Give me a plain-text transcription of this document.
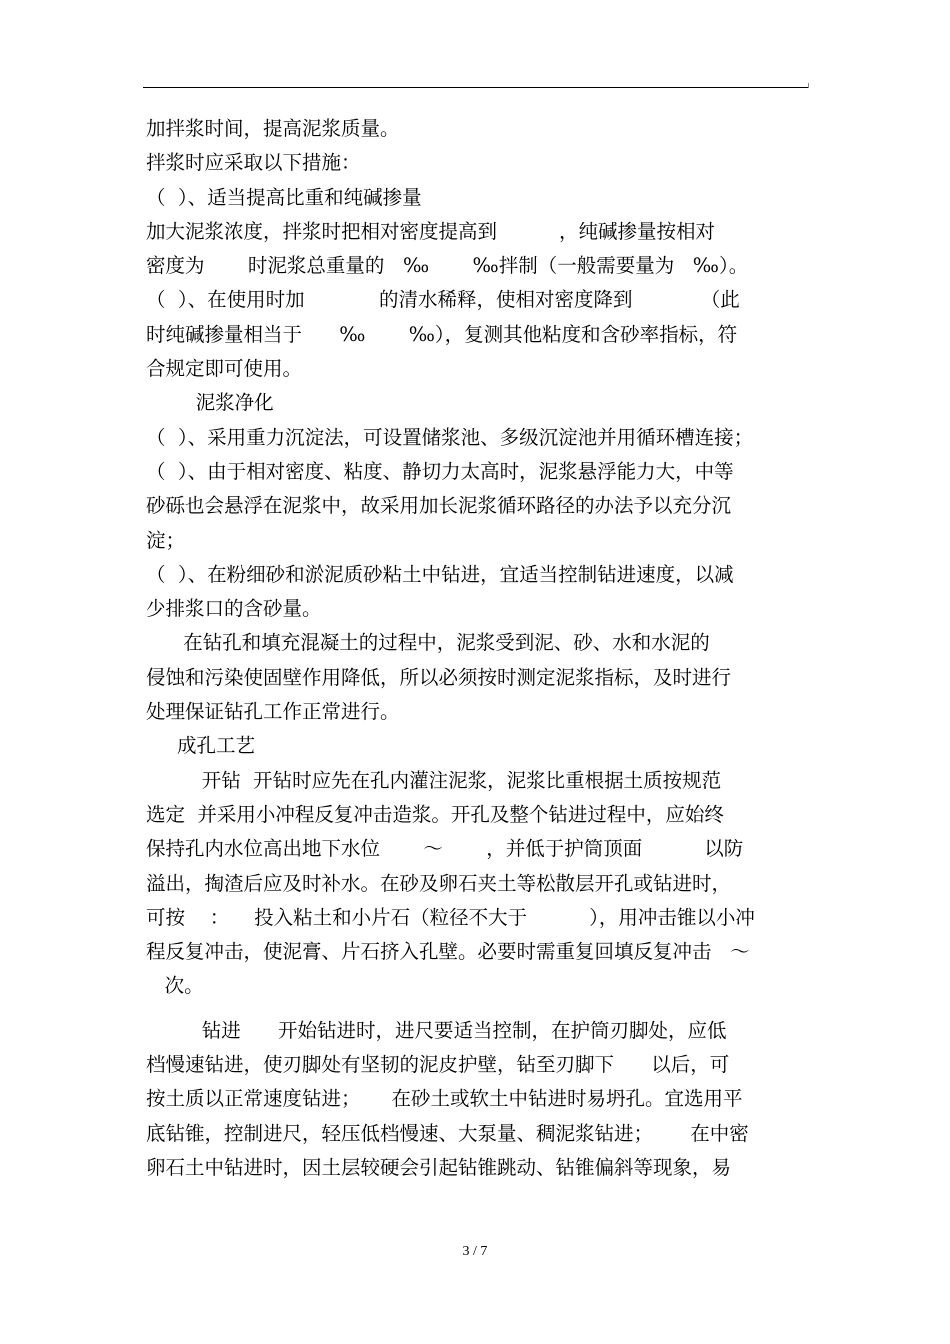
加拌浆时间，提高泥浆质量。
拌浆时应采取以下措施：
（  ）、适当提高比重和纯碱掺量
加大泥浆浓度，拌浆时把相对密度提高到          ，纯碱掺量按相对
密度为       时泥浆总重量的   ‰       ‰拌制（一般需要量为   ‰）。
（  ）、在使用时加            的清水稀释，使相对密度降到           （此
时纯碱掺量相当于      ‰       ‰），复测其他粘度和含砂率指标，符
合规定即可使用。
泥浆净化
（  ）、采用重力沉淀法，可设置储浆池、多级沉淀池并用循环槽连接；
（  ）、由于相对密度、粘度、静切力太高时，泥浆悬浮能力大，中等
砂砾也会悬浮在泥浆中，故采用加长泥浆循环路径的办法予以充分沉
淀；
（  ）、在粉细砂和淤泥质砂粘土中钻进，宜适当控制钻进速度，以减
少排浆口的含砂量。
在钻孔和填充混凝土的过程中，泥浆受到泥、砂、水和水泥的
侵蚀和污染使固壁作用降低，所以必须按时测定泥浆指标，及时进行
处理保证钻孔工作正常进行。
成孔工艺
开钻  开钻时应先在孔内灌注泥浆，泥浆比重根据土质按规范
选定  并采用小冲程反复冲击造浆。开孔及整个钻进过程中，应始终
保持孔内水位高出地下水位       ～       ，并低于护筒顶面          以防
溢出，掏渣后应及时补水。在砂及卵石夹土等松散层开孔或钻进时，
可按    ：    投入粘土和小片石（粒径不大于          ），用冲击锥以小冲
程反复冲击，使泥膏、片石挤入孔壁。必要时需重复回填反复冲击   ～
次。
钻进      开始钻进时，进尺要适当控制，在护筒刃脚处，应低
档慢速钻进，使刃脚处有坚韧的泥皮护壁，钻至刃脚下      以后，可
按土质以正常速度钻进；     在砂土或软土中钻进时易坍孔。宜选用平
底钻锥，控制进尺，轻压低档慢速、大泵量、稠泥浆钻进；      在中密
卵石土中钻进时，因土层较硬会引起钻锥跳动、钻锥偏斜等现象，易
3 / 7
